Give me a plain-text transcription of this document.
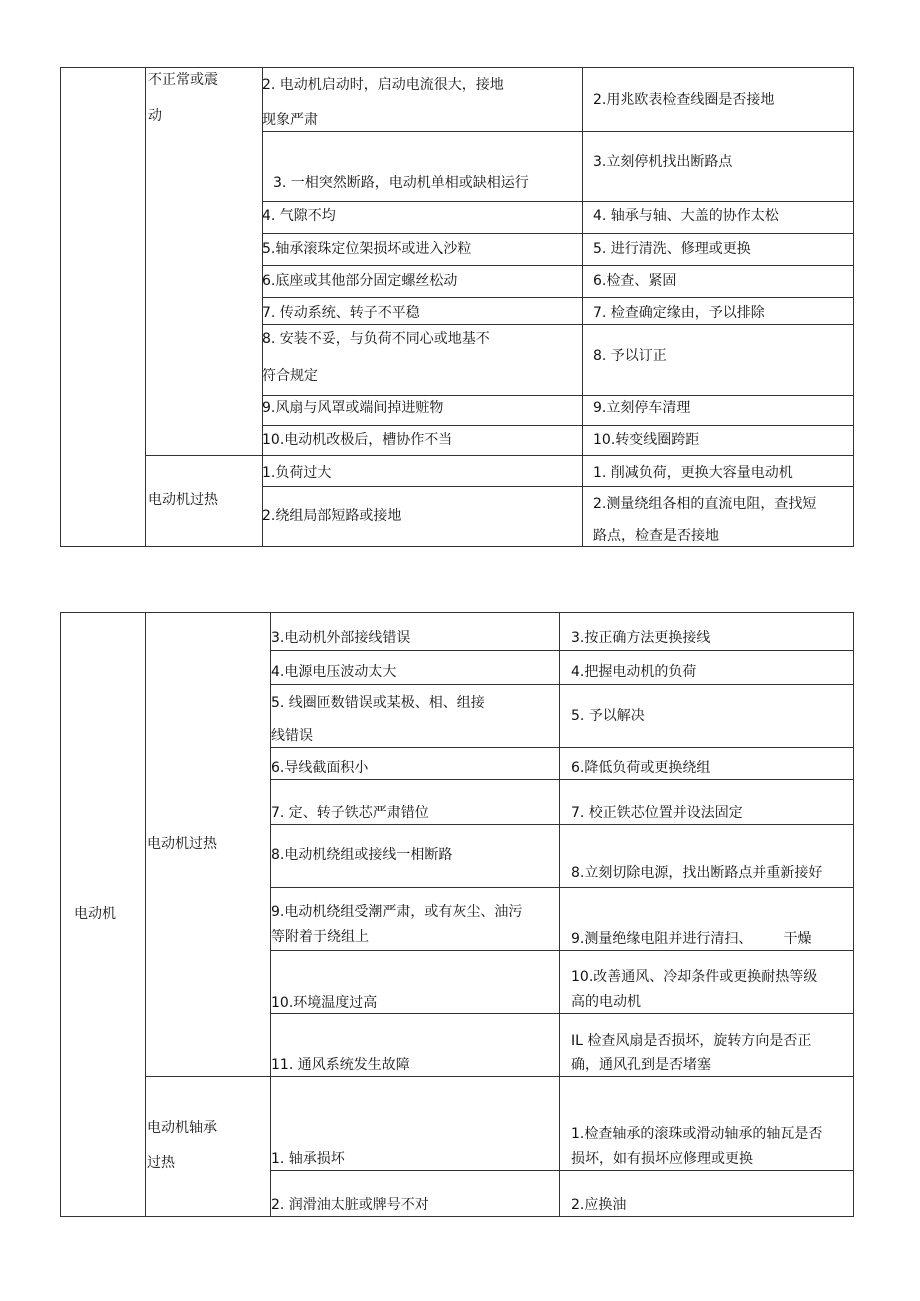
不正常或震
动
电动机过热
2. 电动机启动时，启动电流很大，接地
现象严肃
3. 一相突然断路，电动机单相或缺相运行
4. 气隙不均
5.轴承滚珠定位架损坏或进入沙粒
6.底座或其他部分固定螺丝松动
7. 传动系统、转子不平稳
8. 安装不妥，与负荷不同心或地基不
符合规定
9.风扇与风罩或端间掉进赃物
10.电动机改极后，槽协作不当
1.负荷过大
2.绕组局部短路或接地
2.用兆欧表检查线圈是否接地
3.立刻停机找出断路点
4. 轴承与轴、大盖的协作太松
5. 进行清洗、修理或更换
6.检查、紧固
7. 检查确定缘由，予以排除
8. 予以订正
9.立刻停车清理
10.转变线圈跨距
1. 削减负荷，更换大容量电动机
2.测量绕组各相的直流电阻，查找短
路点，检查是否接地
电动机
电动机过热
电动机轴承
过热
3.电动机外部接线错误
4.电源电压波动太大
5. 线圈匝数错误或某极、相、组接
线错误
6.导线截面积小
7. 定、转子铁芯严肃错位
8.电动机绕组或接线一相断路
9.电动机绕组受潮严肃，或有灰尘、油污
等附着于绕组上
10.环境温度过高
11. 通风系统发生故障
1. 轴承损坏
2. 润滑油太脏或牌号不对
3.按正确方法更换接线
4.把握电动机的负荷
5. 予以解决
6.降低负荷或更换绕组
7. 校正铁芯位置并设法固定
8.立刻切除电源，找出断路点并重新接好
9.测量绝缘电阻并进行清扫、       干燥
10.改善通风、冷却条件或更换耐热等级
高的电动机
IL 检查风扇是否损坏，旋转方向是否正
确，通风孔到是否堵塞
1.检查轴承的滚珠或滑动轴承的轴瓦是否
损坏，如有损坏应修理或更换
2.应换油
